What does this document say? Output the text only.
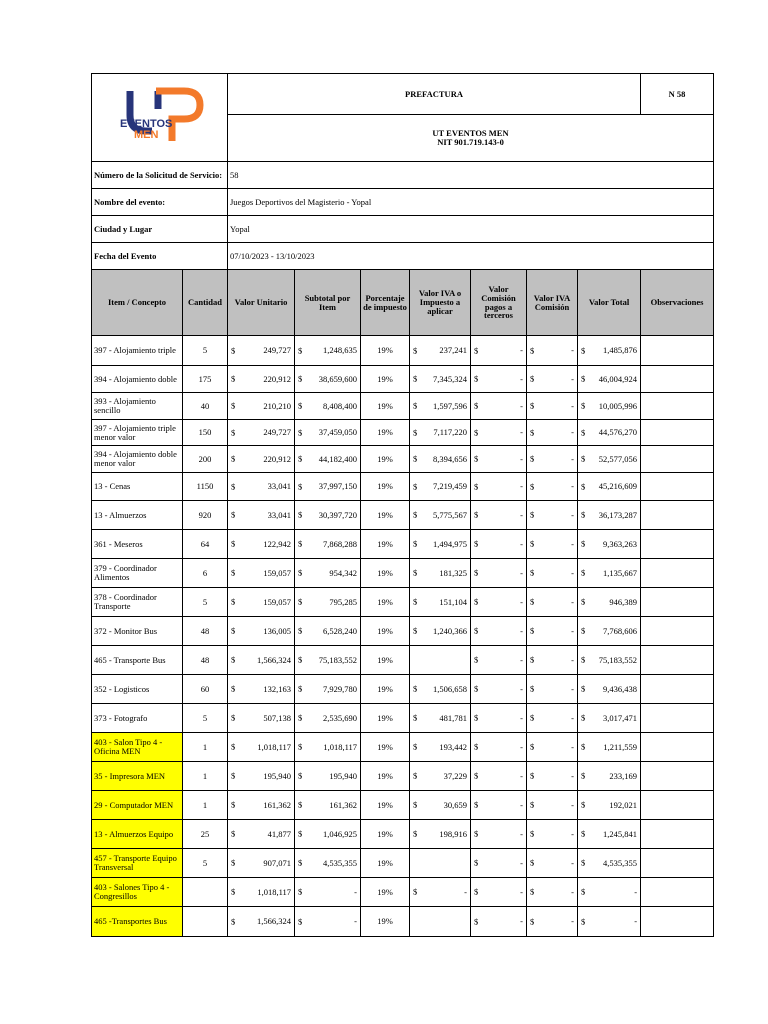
EVENTOS
MEN		PREFACTURA							N 58

		UT EVENTOS MEN
NIT 901.719.143-0							

Número de la Solicitud de Servicio:		58							
Nombre del evento:		Juegos Deportivos del Magisterio - Yopal							
Ciudad y Lugar		Yopal							
Fecha del Evento		07/10/2023 - 13/10/2023							
Item / Concepto	Cantidad	Valor Unitario	Subtotal por Item	Porcentaje de impuesto	Valor IVA o Impuesto a aplicar	Valor Comisión pagos a terceros	Valor IVA Comisión	Valor Total	Observaciones
397 - Alojamiento triple	5	$ 249,727	$ 1,248,635	19%	$ 237,241	$ -	$ -	$ 1,485,876	

394 - Alojamiento doble	175	$ 220,912	$ 38,659,600	19%	$ 7,345,324	$ -	$ -	$ 46,004,924	

393 - Alojamiento sencillo	40	$ 210,210	$ 8,408,400	19%	$ 1,597,596	$ -	$ -	$ 10,005,996	

397 - Alojamiento triple menor valor	150	$ 249,727	$ 37,459,050	19%	$ 7,117,220	$ -	$ -	$ 44,576,270	

394 - Alojamiento doble menor valor	200	$ 220,912	$ 44,182,400	19%	$ 8,394,656	$ -	$ -	$ 52,577,056	

13 - Cenas	1150	$ 33,041	$ 37,997,150	19%	$ 7,219,459	$ -	$ -	$ 45,216,609	

13 - Almuerzos	920	$ 33,041	$ 30,397,720	19%	$ 5,775,567	$ -	$ -	$ 36,173,287	

361 - Meseros	64	$ 122,942	$ 7,868,288	19%	$ 1,494,975	$ -	$ -	$ 9,363,263	

379 - Coordinador Alimentos	6	$ 159,057	$ 954,342	19%	$ 181,325	$ -	$ -	$ 1,135,667	

378 - Coordinador Transporte	5	$ 159,057	$ 795,285	19%	$ 151,104	$ -	$ -	$ 946,389	

372 - Monitor Bus	48	$ 136,005	$ 6,528,240	19%	$ 1,240,366	$ -	$ -	$ 7,768,606	

465 - Transporte Bus	48	$ 1,566,324	$ 75,183,552	19%		$ -	$ -	$ 75,183,552	

352 - Logisticos	60	$ 132,163	$ 7,929,780	19%	$ 1,506,658	$ -	$ -	$ 9,436,438	

373 - Fotografo	5	$ 507,138	$ 2,535,690	19%	$ 481,781	$ -	$ -	$ 3,017,471	

403 - Salon Tipo 4 - Oficina MEN	1	$ 1,018,117	$ 1,018,117	19%	$ 193,442	$ -	$ -	$ 1,211,559	

35 - Impresora MEN	1	$ 195,940	$ 195,940	19%	$ 37,229	$ -	$ -	$ 233,169	

29 - Computador MEN	1	$ 161,362	$ 161,362	19%	$ 30,659	$ -	$ -	$ 192,021	

13 - Almuerzos Equipo	25	$ 41,877	$ 1,046,925	19%	$ 198,916	$ -	$ -	$ 1,245,841	

457 - Transporte Equipo Transversal	5	$ 907,071	$ 4,535,355	19%		$ -	$ -	$ 4,535,355	

403 - Salones Tipo 4 - Congresillos		$ 1,018,117	$ -	19%	$ -	$ -	$ -	$ -	

465 -Transportes Bus		$ 1,566,324	$ -	19%		$ -	$ -	$ -	
